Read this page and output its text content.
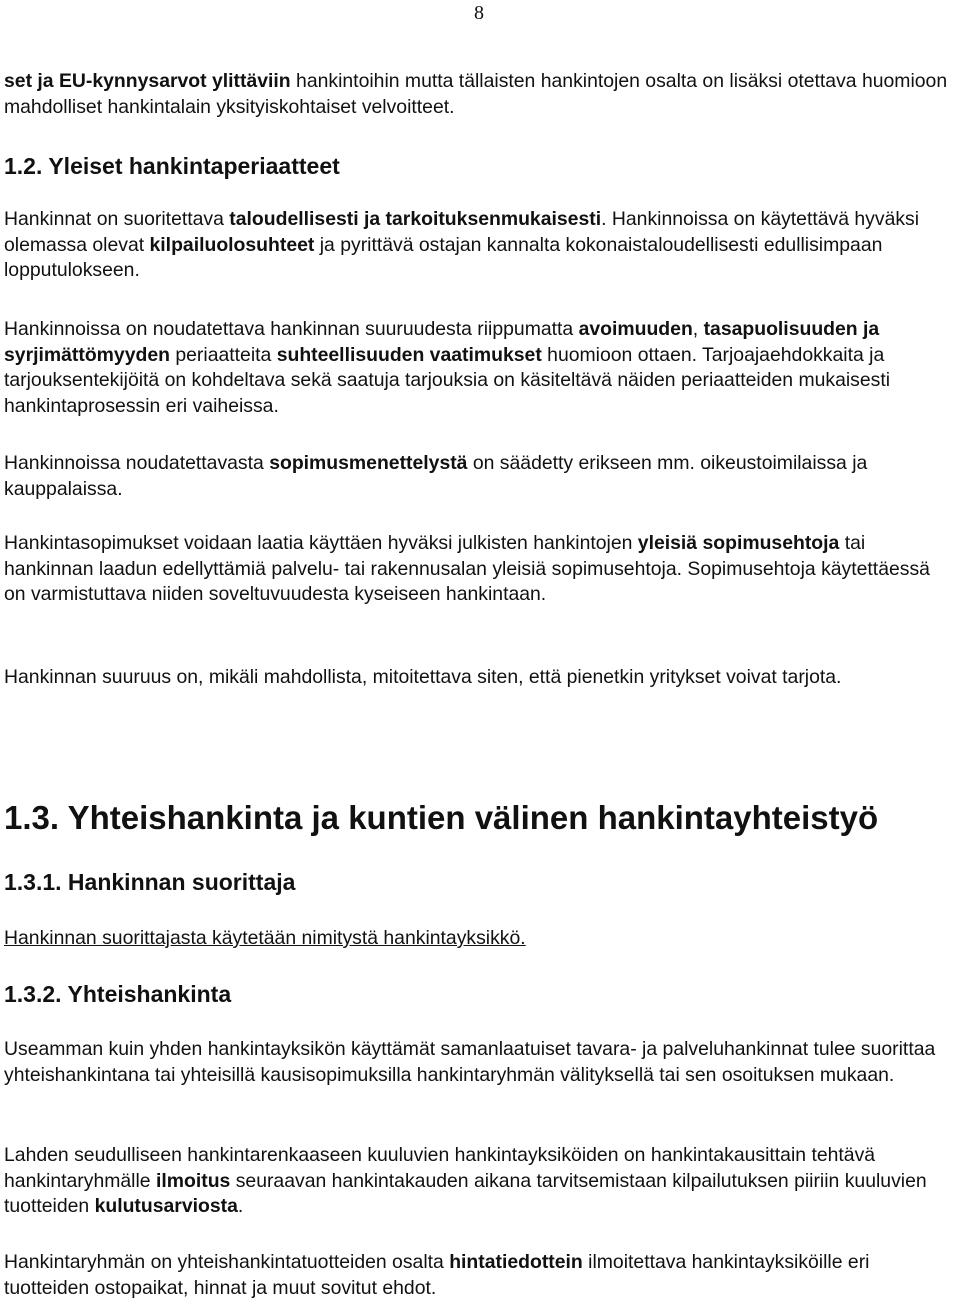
8

set ja EU-kynnysarvot ylittäviin hankintoihin mutta tällaisten hankintojen osalta on lisäksi otettava huomioon mahdolliset hankintalain yksityiskohtaiset velvoitteet.

1.2. Yleiset hankintaperiaatteet

Hankinnat on suoritettava taloudellisesti ja tarkoituksenmukaisesti. Hankinnoissa on käytettävä hyväksi olemassa olevat kilpailuolosuhteet ja pyrittävä ostajan kannalta kokonaistaloudellisesti edullisimpaan lopputulokseen.

Hankinnoissa on noudatettava hankinnan suuruudesta riippumatta avoimuuden, tasapuolisuuden ja syrjimättömyyden periaatteita suhteellisuuden vaatimukset huomioon ottaen. Tarjoajaehdokkaita ja tarjouksentekijöitä on kohdeltava sekä saatuja tarjouksia on käsiteltävä näiden periaatteiden mukaisesti hankintaprosessin eri vaiheissa.

Hankinnoissa noudatettavasta sopimusmenettelystä on säädetty erikseen mm. oikeustoimilaissa ja kauppalaissa.

Hankintasopimukset voidaan laatia käyttäen hyväksi julkisten hankintojen yleisiä sopimusehtoja tai hankinnan laadun edellyttämiä palvelu- tai rakennusalan yleisiä sopimusehtoja. Sopimusehtoja käytettäessä on varmistuttava niiden soveltuvuudesta kyseiseen hankintaan.

Hankinnan suuruus on, mikäli mahdollista, mitoitettava siten, että pienetkin yritykset voivat tarjota.

1.3. Yhteishankinta ja kuntien välinen hankintayhteistyö
1.3.1. Hankinnan suorittaja

Hankinnan suorittajasta käytetään nimitystä hankintayksikkö.

1.3.2. Yhteishankinta

Useamman kuin yhden hankintayksikön käyttämät samanlaatuiset tavara- ja palveluhankinnat tulee suorittaa yhteishankintana tai yhteisillä kausisopimuksilla hankintaryhmän välityksellä tai sen osoituksen mukaan.

Lahden seudulliseen hankintarenkaaseen kuuluvien hankintayksiköiden on hankintakausittain tehtävä hankintaryhmälle ilmoitus seuraavan hankintakauden aikana tarvitsemistaan kilpailutuksen piiriin kuuluvien tuotteiden kulutusarviosta.

Hankintaryhmän on yhteishankintatuotteiden osalta hintatiedottein ilmoitettava hankintayksiköille eri tuotteiden ostopaikat, hinnat ja muut sovitut ehdot.
